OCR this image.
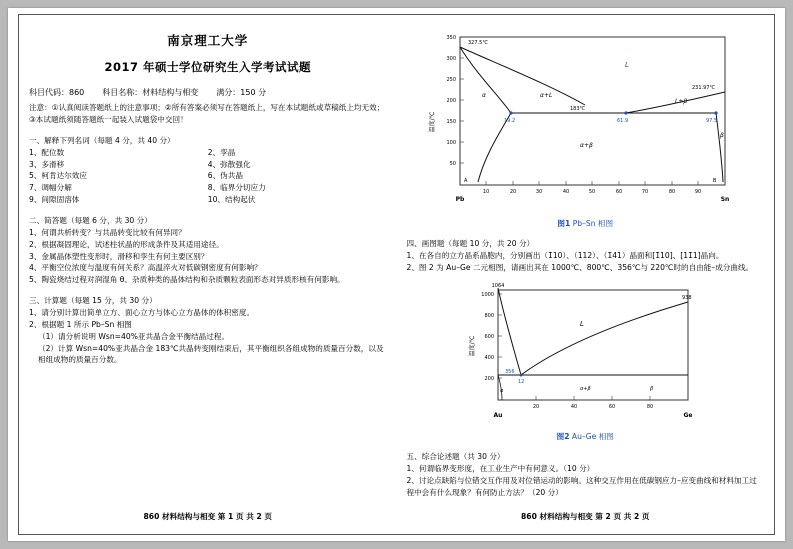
南京理工大学
2017 年硕士学位研究生入学考试试题
科目代码：860 科目名称：材料结构与相变 满分：150 分
注意：①认真阅读答题纸上的注意事项；②所有答案必须写在答题纸上，写在本试题纸或草稿纸上均无效；③本试题纸须随答题纸一起装入试题袋中交回！
一、解释下列名词（每题 4 分，共 40 分）
1、配位数	2、孪晶
3、多滑移	4、弥散强化
5、柯肯达尔效应	6、伪共晶
7、调幅分解	8、临界分切应力
9、间隙固溶体	10、结构起伏
二、简答题（每题 6 分，共 30 分）
1、何谓共析转变？与共晶转变比较有何异同？
2、根据凝固理论，试述柱状晶的形成条件及其适用途径。
3、金属晶体塑性变形时，滑移和孪生有何主要区别？
4、平衡空位浓度与温度有何关系？高温淬火对低碳钢密度有何影响？
5、陶瓷烧结过程对润湿角 θ、杂质种类的晶体结构和杂质颗粒表面形态对异质形核有何影响。
三、计算题（每题 15 分，共 30 分）
1、请分别计算出简单立方、面心立方与体心立方晶体的体积密度。
2、根据题 1 所示 Pb–Sn 相图
（1）请分析说明 Wsn=40%亚共晶合金平衡结晶过程。
（2）计算 Wsn=40%亚共晶合金 183℃共晶转变刚结束后，其平衡组织各组成物的质量百分数，以及相组成物的质量百分数。
860 材料结构与相变 第 1 页 共 2 页
温度/℃
350
300
250
200
150
100
50
10	20	30	40	50	60	70	80	90
Pb	Sn
327.5℃
231.97℃
183℃
19.2	61.9	97.5
L
α
β
α+L
L+β
α+β
A	B
图1 Pb–Sn 相图
四、画图题（每题 10 分，共 20 分）
1、在各自的立方晶系晶胞内，分别画出（1̄10）、（112）、（1̄41）晶面和[1̄10]、[11̄1]晶向。
2、图 2 为 Au–Ge 二元相图，请画出其在 1000℃、800℃、356℃与 220℃时的自由能–成分曲线。
温度/℃
1000
800
600
400
200
20	40	60	80
Au	Ge
1064
938
L
356
12
α	α+β	β
图2 Au–Ge 相图
五、综合论述题（共 30 分）
1、何谓临界变形度，在工业生产中有何意义。（10 分）
2、讨论点缺陷与位错交互作用及对位错运动的影响。这种交互作用在低碳钢应力–应变曲线和材料加工过程中会有什么现象？有何防止方法？（20 分）
860 材料结构与相变 第 2 页 共 2 页
